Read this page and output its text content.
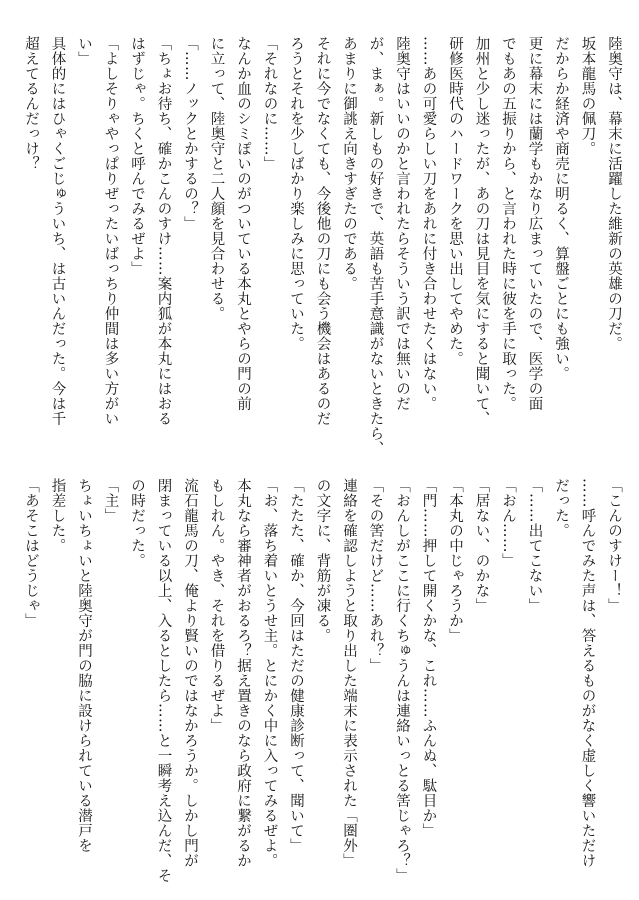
陸奥守は、幕末に活躍した維新の英雄の刀だ。
坂本龍馬の佩刀。
だからか経済や商売に明るく、算盤ごとにも強い。
更に幕末には蘭学もかなり広まっていたので、医学の面
でもあの五振りから、と言われた時に彼を手に取った。
加州と少し迷ったが、あの刀は見目を気にすると聞いて、
研修医時代のハードワークを思い出してやめた。
……あの可愛らしい刀をあれに付き合わせたくはない。
陸奥守はいいのかと言われたらそういう訳では無いのだ
が、まぁ。新しもの好きで、英語も苦手意識がないときたら、
あまりに御誂え向きすぎたのである。
それに今でなくても、今後他の刀にも会う機会はあるのだ
ろうとそれを少しばかり楽しみに思っていた。
「それなのに……」
なんか血のシミぽいのがついている本丸とやらの門の前
に立って、陸奥守と二人顔を見合わせる。
「……ノックとかするの？」
「ちょお待ち、確かこんのすけ……案内狐が本丸にはおる
はずじゃ。ちくと呼んでみるぜよ」
「よしそりゃやっぱりぜったいばっちり仲間は多い方がい
い」
具体的にはひゃくごじゅういち、は古いんだった。今は千
超えてるんだっけ？
「こんのすけー！」
……呼んでみた声は、答えるものがなく虚しく響いただけ
だった。
「……出てこない」
「おん……」
「居ない、のかな」
「本丸の中じゃろうか」
「門……押して開くかな、これ……ふんぬ、駄目か」
「おんしがここに行くちゅうんは連絡いっとる筈じゃろ？」
「その筈だけど……あれ？」
連絡を確認しようと取り出した端末に表示された「圏外」
の文字に、背筋が凍る。
「たたた、確か、今回はただの健康診断って、聞いて」
「お、落ち着いとうせ主。とにかく中に入ってみるぜよ。
本丸なら審神者がおるろ？据え置きのなら政府に繋がるか
もしれん。やき、それを借りるぜよ」
流石龍馬の刀、俺より賢いのではなかろうか。しかし門が
閉まっている以上、入るとしたら……と一瞬考え込んだ、そ
の時だった。
「主」
ちょいちょいと陸奥守が門の脇に設けられている潜戸を
指差した。
「あそこはどうじゃ」
